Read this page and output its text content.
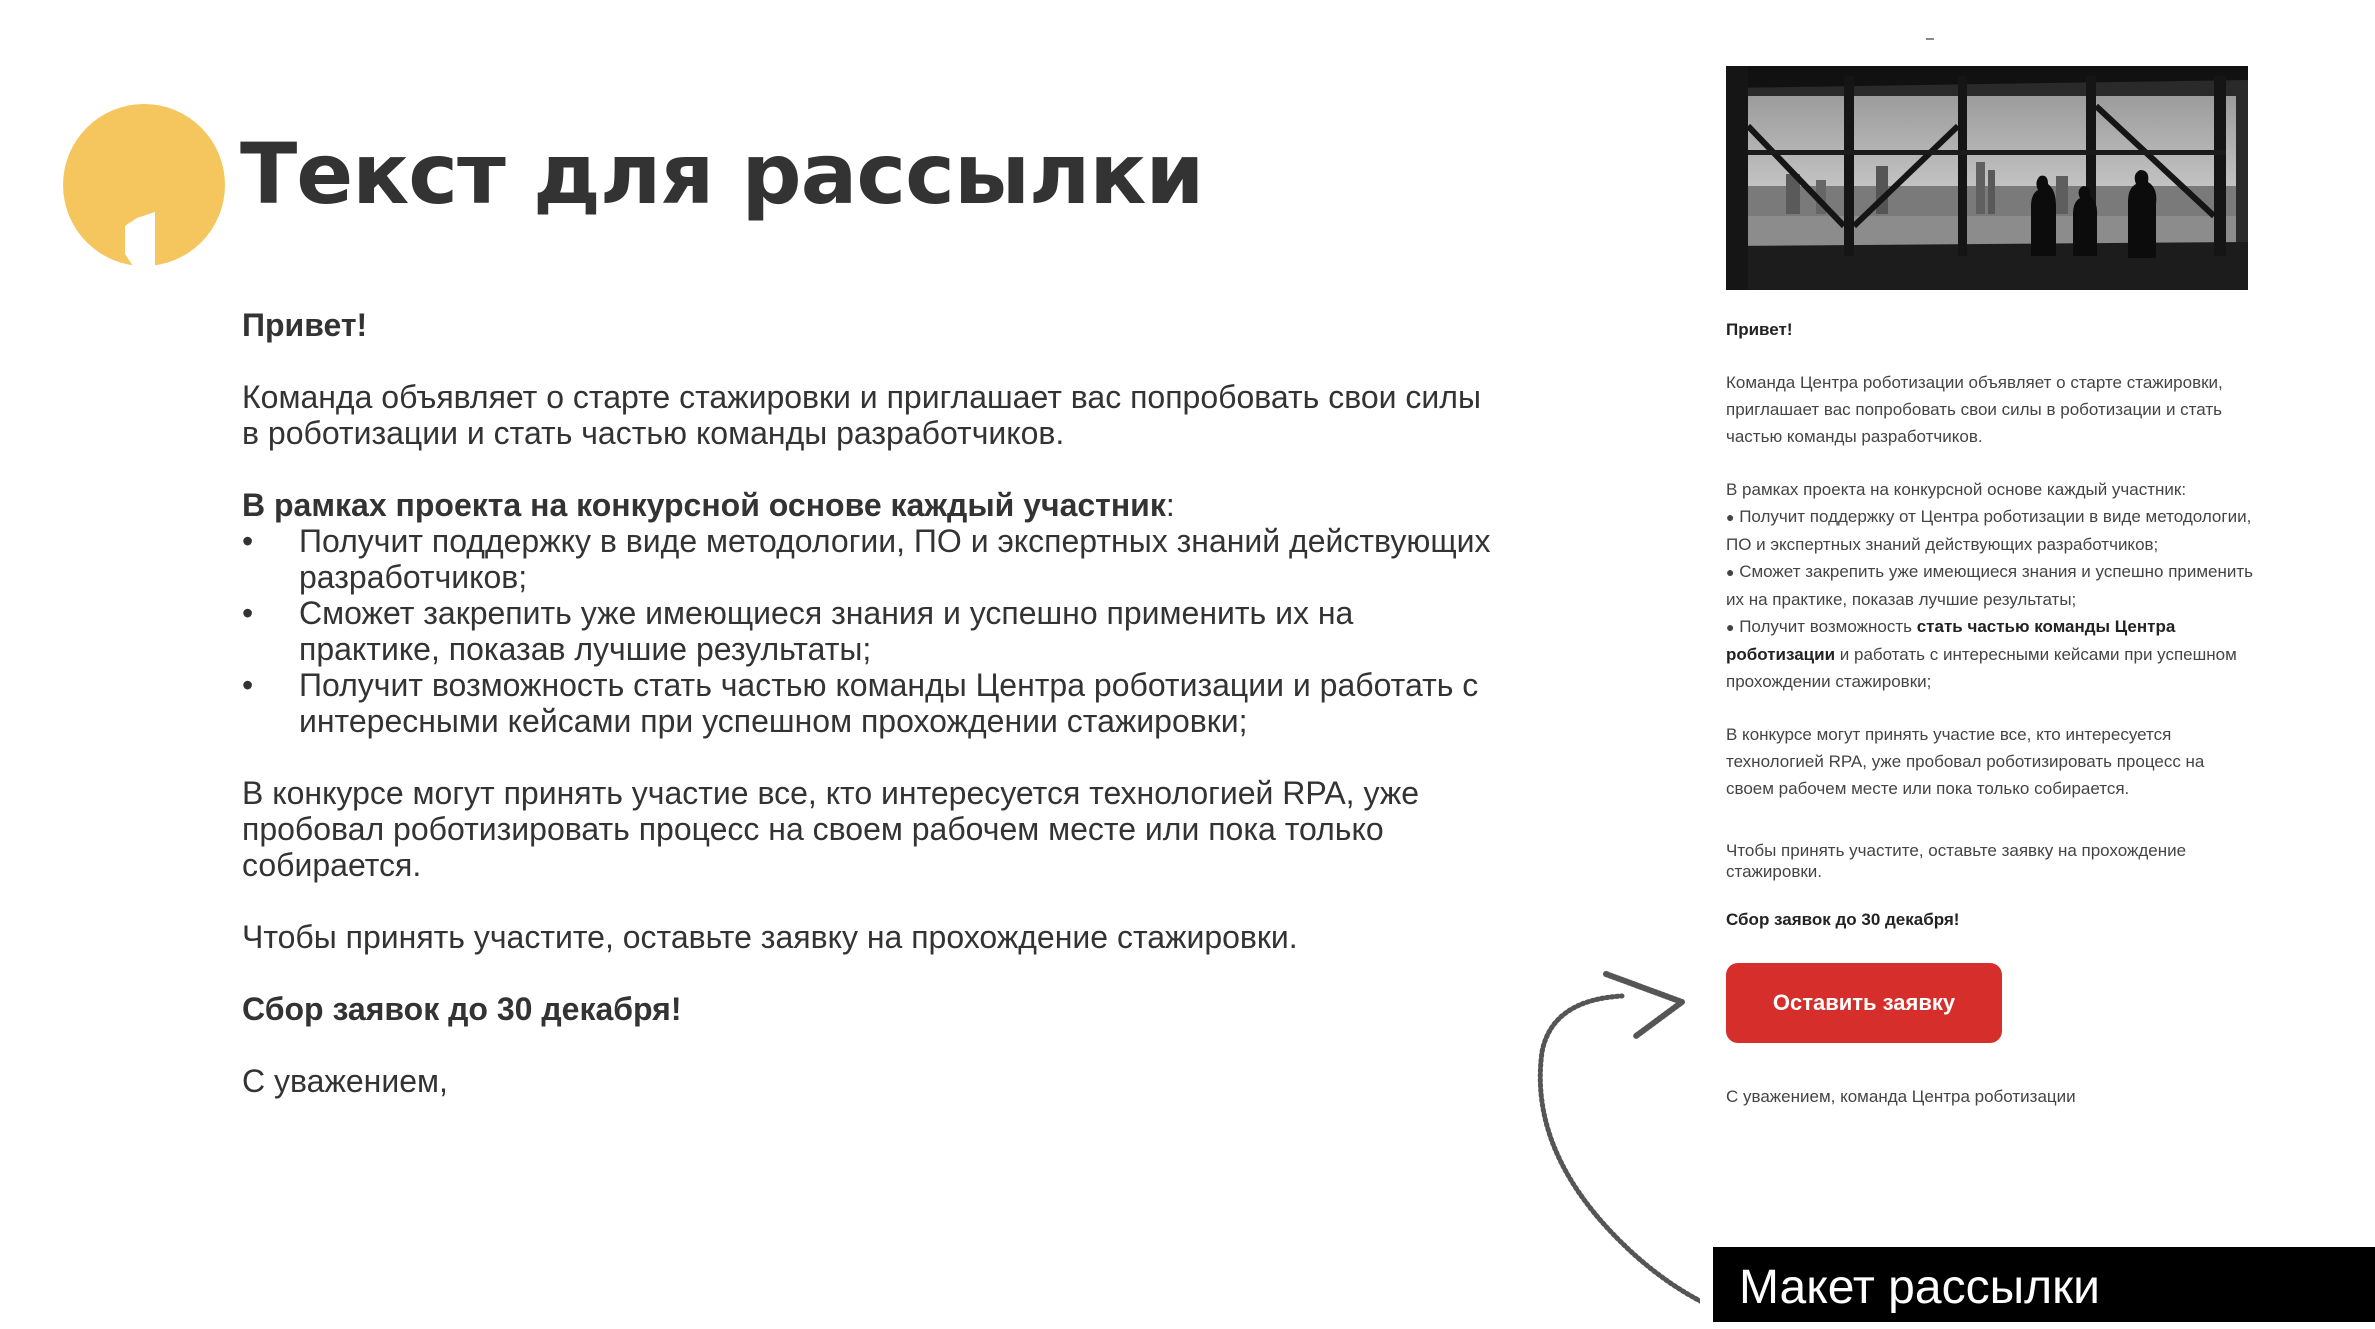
Текст для рассылки

Привет!

Команда объявляет о старте стажировки и приглашает вас попробовать свои силы в роботизации и стать частью команды разработчиков.

В рамках проекта на конкурсной основе каждый участник:

• Получит поддержку в виде методологии, ПО и экспертных знаний действующих разработчиков;
• Сможет закрепить уже имеющиеся знания и успешно применить их на практике, показав лучшие результаты;
• Получит возможность стать частью команды Центра роботизации и работать с интересными кейсами при успешном прохождении стажировки;

В конкурсе могут принять участие все, кто интересуется технологией RPA, уже пробовал роботизировать процесс на своем рабочем месте или пока только собирается.

Чтобы принять участите, оставьте заявку на прохождение стажировки.

Сбор заявок до 30 декабря!

С уважением,

Привет!

Команда Центра роботизации объявляет о старте стажировки, приглашает вас попробовать свои силы в роботизации и стать частью команды разработчиков.

В рамках проекта на конкурсной основе каждый участник:

● Получит поддержку от Центра роботизации в виде методологии, ПО и экспертных знаний действующих разработчиков;
● Сможет закрепить уже имеющиеся знания и успешно применить их на практике, показав лучшие результаты;
● Получит возможность стать частью команды Центра роботизации и работать с интересными кейсами при успешном прохождении стажировки;

В конкурсе могут принять участие все, кто интересуется технологией RPA, уже пробовал роботизировать процесс на своем рабочем месте или пока только собирается.

Чтобы принять участите, оставьте заявку на прохождение стажировки.

Сбор заявок до 30 декабря!

Оставить заявку

С уважением, команда Центра роботизации

Макет рассылки
